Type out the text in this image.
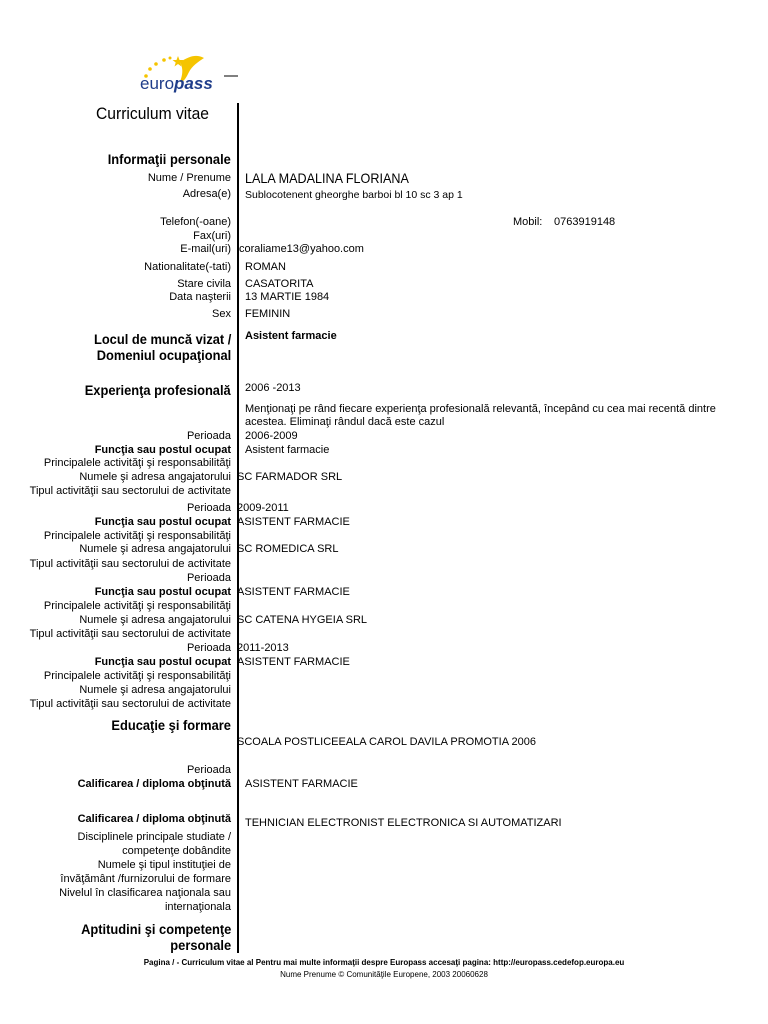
europass
Curriculum vitae
Informaţii personale
Nume / Prenume LALA MADALINA FLORIANA
Adresa(e) Sublocotenent gheorghe barboi bl 10 sc 3 ap 1
Telefon(-oane)	Mobil: 0763919148
Fax(uri)
E-mail(uri) coraliame13@yahoo.com
Nationalitate(-tati) ROMAN
Stare civila CASATORITA
Data naşterii 13 MARTIE 1984
Sex FEMININ
Locul de muncă vizat /
Domeniul ocupaţional
Asistent farmacie
Experienţa profesională 2006 -2013
Menţionaţi pe rând fiecare experienţa profesională relevantă, începând cu cea mai recentă dintre
acestea. Eliminaţi rândul dacă este cazul
Perioada 2006-2009
Funcţia sau postul ocupat Asistent farmacie
Principalele activităţi şi responsabilităţi
Numele şi adresa angajatorului SC FARMADOR SRL
Tipul activităţii sau sectorului de activitate
Perioada 2009-2011
Funcţia sau postul ocupat ASISTENT FARMACIE
Principalele activităţi şi responsabilităţi
Numele şi adresa angajatorului SC ROMEDICA SRL
Tipul activităţii sau sectorului de activitate
Perioada
Funcţia sau postul ocupat ASISTENT FARMACIE
Principalele activităţi şi responsabilităţi
Numele şi adresa angajatorului SC CATENA HYGEIA SRL
Tipul activităţii sau sectorului de activitate
Perioada 2011-2013
Funcţia sau postul ocupat ASISTENT FARMACIE
Principalele activităţi şi responsabilităţi
Numele şi adresa angajatorului
Tipul activităţii sau sectorului de activitate
Educaţie şi formare
SCOALA POSTLICEEALA CAROL DAVILA PROMOTIA 2006
Perioada
Calificarea / diploma obţinută ASISTENT FARMACIE
Calificarea / diploma obţinută TEHNICIAN ELECTRONIST ELECTRONICA SI AUTOMATIZARI
Disciplinele principale studiate /
competenţe dobândite
Numele şi tipul instituţiei de
învăţământ /furnizorului de formare
Nivelul în clasificarea naţionala sau
internaţionala
Aptitudini şi competenţe
personale
Pagina / - Curriculum vitae al Pentru mai multe informaţii despre Europass accesaţi pagina: http://europass.cedefop.europa.eu
Nume Prenume © Comunităţile Europene, 2003 20060628
